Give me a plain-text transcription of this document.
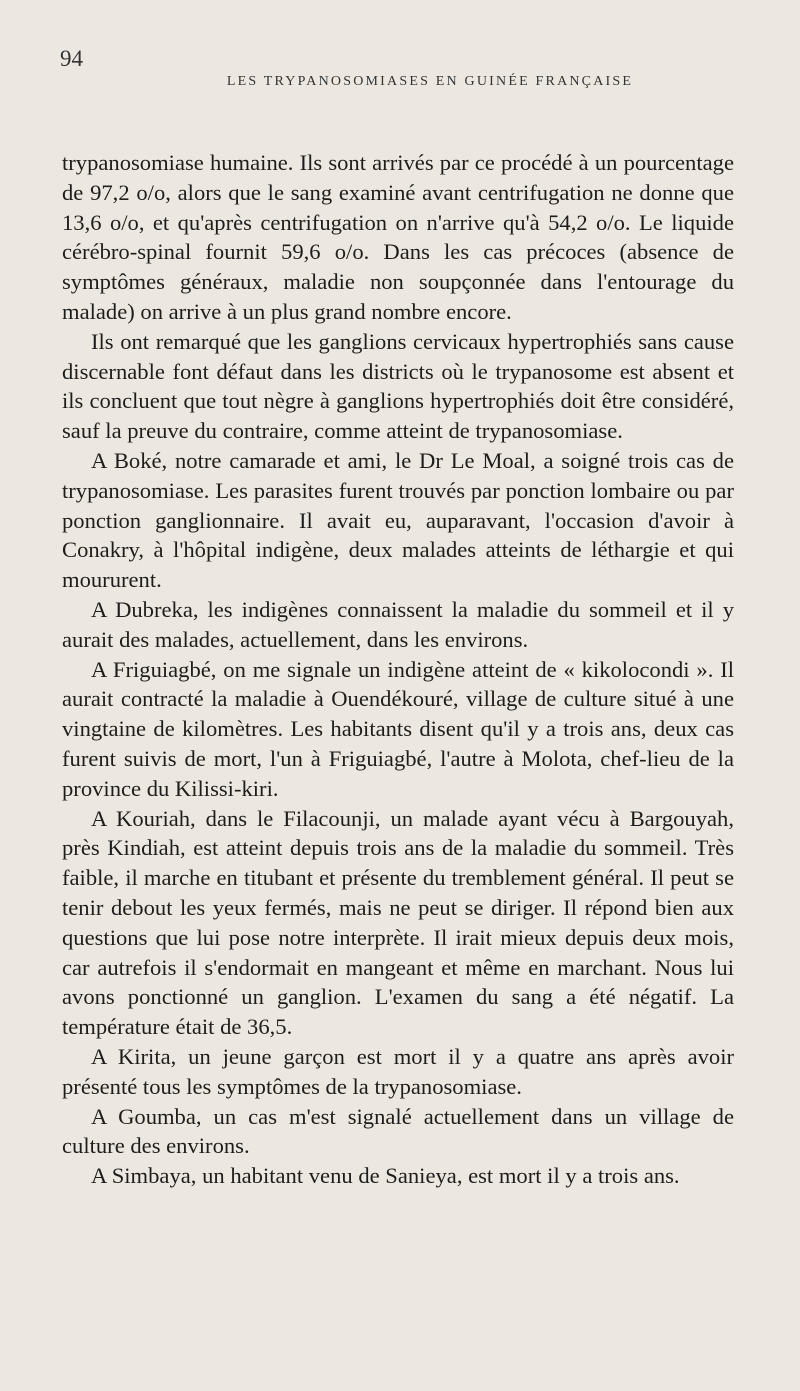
94
LES TRYPANOSOMIASES EN GUINÉE FRANÇAISE

trypanosomiase humaine. Ils sont arrivés par ce procédé à un pourcentage de 97,2 o/o, alors que le sang examiné avant centrifugation ne donne que 13,6 o/o, et qu'après centrifugation on n'arrive qu'à 54,2 o/o. Le liquide cérébro-spinal fournit 59,6 o/o. Dans les cas précoces (absence de symptômes généraux, maladie non soupçonnée dans l'entourage du malade) on arrive à un plus grand nombre encore.

Ils ont remarqué que les ganglions cervicaux hypertrophiés sans cause discernable font défaut dans les districts où le trypanosome est absent et ils concluent que tout nègre à ganglions hypertrophiés doit être considéré, sauf la preuve du contraire, comme atteint de trypanosomiase.

A Boké, notre camarade et ami, le Dr Le Moal, a soigné trois cas de trypanosomiase. Les parasites furent trouvés par ponction lombaire ou par ponction ganglionnaire. Il avait eu, auparavant, l'occasion d'avoir à Conakry, à l'hôpital indigène, deux malades atteints de léthargie et qui moururent.

A Dubreka, les indigènes connaissent la maladie du sommeil et il y aurait des malades, actuellement, dans les environs.

A Friguiagbé, on me signale un indigène atteint de « kikolocondi ». Il aurait contracté la maladie à Ouendékouré, village de culture situé à une vingtaine de kilomètres. Les habitants disent qu'il y a trois ans, deux cas furent suivis de mort, l'un à Friguiagbé, l'autre à Molota, chef-lieu de la province du Kilissi-kiri.

A Kouriah, dans le Filacounji, un malade ayant vécu à Bargouyah, près Kindiah, est atteint depuis trois ans de la maladie du sommeil. Très faible, il marche en titubant et présente du tremblement général. Il peut se tenir debout les yeux fermés, mais ne peut se diriger. Il répond bien aux questions que lui pose notre interprète. Il irait mieux depuis deux mois, car autrefois il s'endormait en mangeant et même en marchant. Nous lui avons ponctionné un ganglion. L'examen du sang a été négatif. La température était de 36,5.

A Kirita, un jeune garçon est mort il y a quatre ans après avoir présenté tous les symptômes de la trypanosomiase.

A Goumba, un cas m'est signalé actuellement dans un village de culture des environs.

A Simbaya, un habitant venu de Sanieya, est mort il y a trois ans.
